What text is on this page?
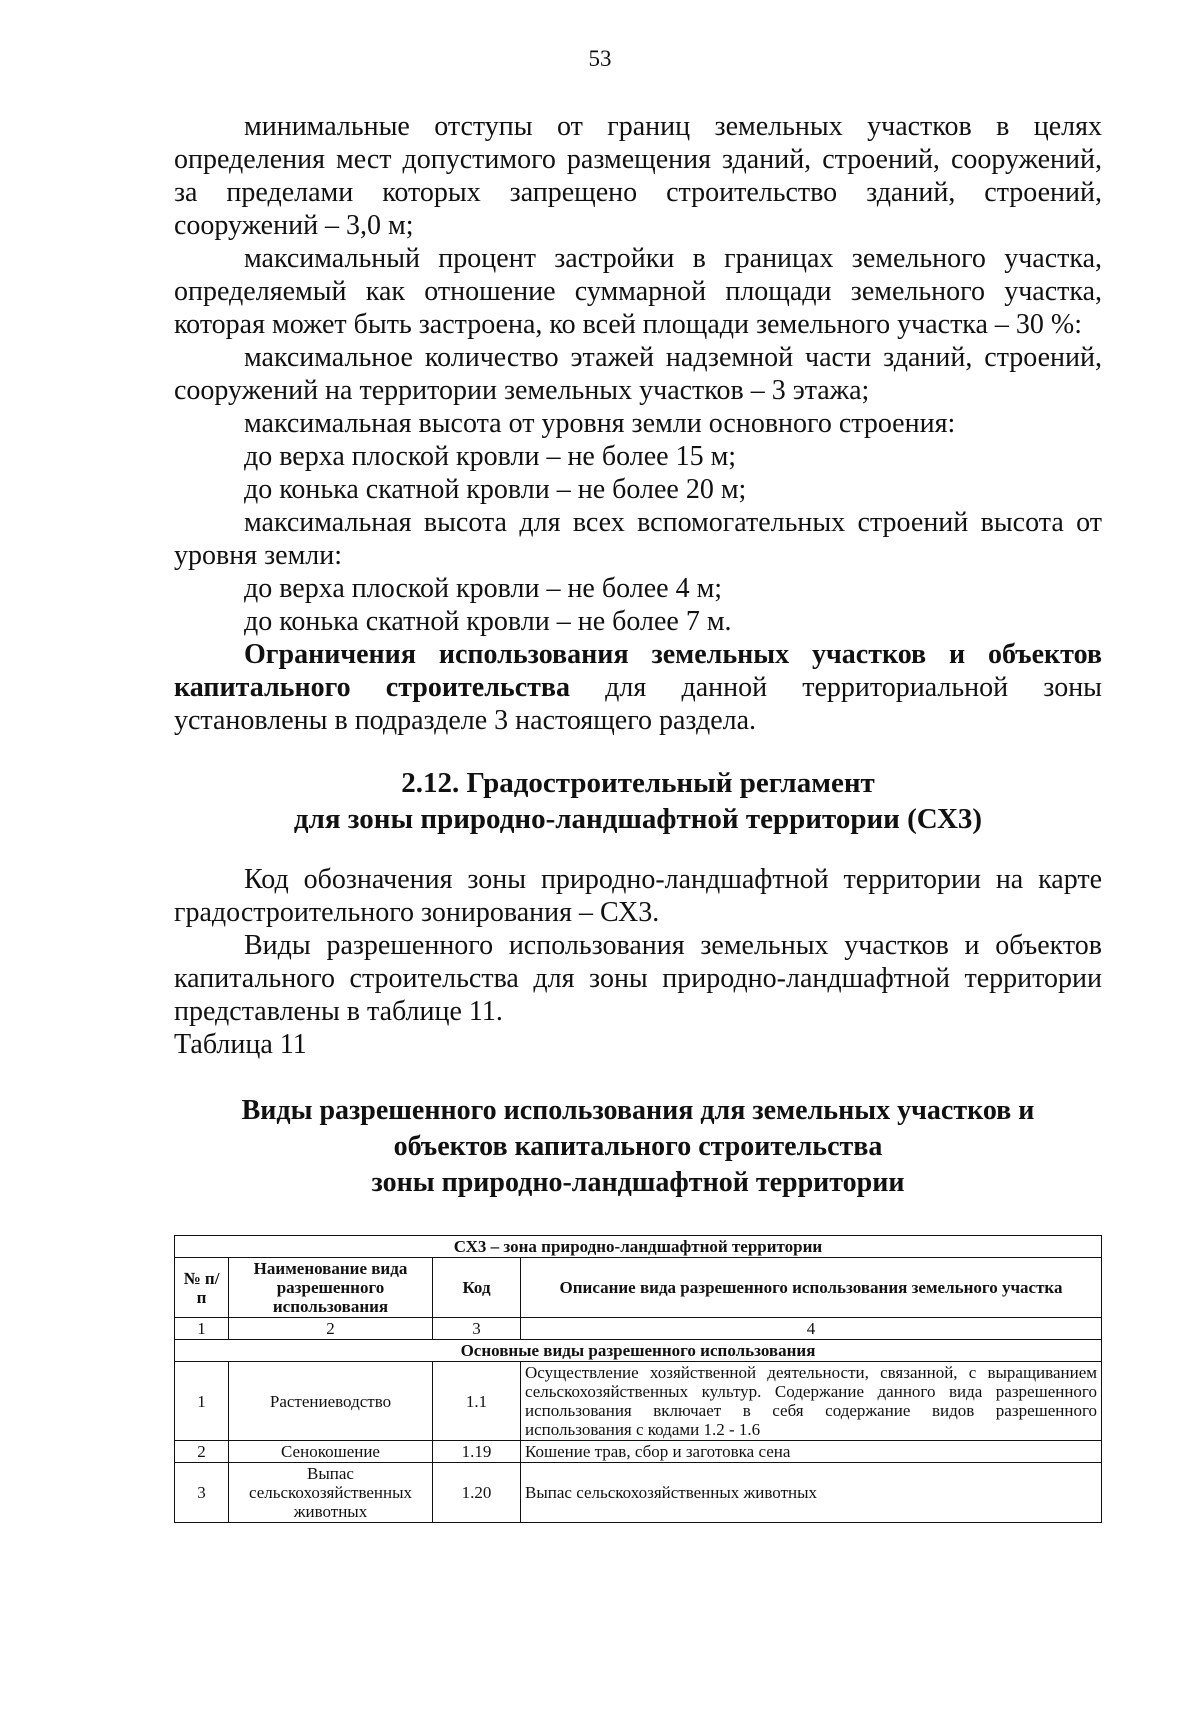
53

минимальные отступы от границ земельных участков в целях определения мест допустимого размещения зданий, строений, сооружений, за пределами которых запрещено строительство зданий, строений, сооружений – 3,0 м;

максимальный процент застройки в границах земельного участка, определяемый как отношение суммарной площади земельного участка, которая может быть застроена, ко всей площади земельного участка – 30 %:

максимальное количество этажей надземной части зданий, строений, сооружений на территории земельных участков – 3 этажа;

максимальная высота от уровня земли основного строения:

до верха плоской кровли – не более 15 м;

до конька скатной кровли – не более 20 м;

максимальная высота для всех вспомогательных строений высота от уровня земли:

до верха плоской кровли – не более 4 м;

до конька скатной кровли – не более 7 м.

Ограничения использования земельных участков и объектов капитального строительства для данной территориальной зоны установлены в подразделе 3 настоящего раздела.

2.12. Градостроительный регламент
для зоны природно-ландшафтной территории (СХ3)

Код обозначения зоны природно-ландшафтной территории на карте градостроительного зонирования – СХ3.

Виды разрешенного использования земельных участков и объектов капитального строительства для зоны природно-ландшафтной территории представлены в таблице 11.

Таблица 11

Виды разрешенного использования для земельных участков и
объектов капитального строительства
зоны природно-ландшафтной территории
СХ3 – зона природно-ландшафтной территории			
№ п/п	Наименование вида разрешенного использования	Код	Описание вида разрешенного использования земельного участка
1	2	3	4
Основные виды разрешенного использования			
1	Растениеводство	1.1	Осуществление хозяйственной деятельности, связанной, с выращиванием сельскохозяйственных культур. Содержание данного вида разрешенного использования включает в себя содержание видов разрешенного использования с кодами 1.2 - 1.6
2	Сенокошение	1.19	Кошение трав, сбор и заготовка сена
3	Выпас сельскохозяйственных животных	1.20	Выпас сельскохозяйственных животных
